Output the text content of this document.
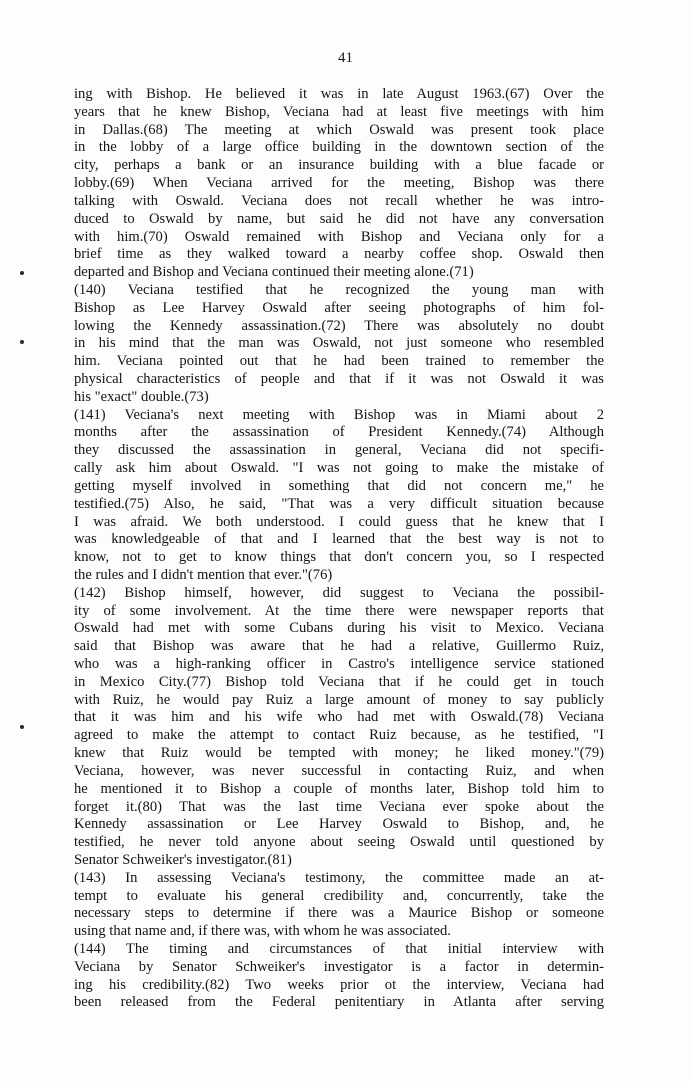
41
ing with Bishop. He believed it was in late August 1963.(67) Over the
years that he knew Bishop, Veciana had at least five meetings with him
in Dallas.(68) The meeting at which Oswald was present took place
in the lobby of a large office building in the downtown section of the
city, perhaps a bank or an insurance building with a blue facade or
lobby.(69) When Veciana arrived for the meeting, Bishop was there
talking with Oswald. Veciana does not recall whether he was intro-
duced to Oswald by name, but said he did not have any conversation
with him.(70) Oswald remained with Bishop and Veciana only for a
brief time as they walked toward a nearby coffee shop. Oswald then
departed and Bishop and Veciana continued their meeting alone.(71)
(140) Veciana testified that he recognized the young man with
Bishop as Lee Harvey Oswald after seeing photographs of him fol-
lowing the Kennedy assassination.(72) There was absolutely no doubt
in his mind that the man was Oswald, not just someone who resembled
him. Veciana pointed out that he had been trained to remember the
physical characteristics of people and that if it was not Oswald it was
his "exact" double.(73)
(141) Veciana's next meeting with Bishop was in Miami about 2
months after the assassination of President Kennedy.(74) Although
they discussed the assassination in general, Veciana did not specifi-
cally ask him about Oswald. "I was not going to make the mistake of
getting myself involved in something that did not concern me," he
testified.(75) Also, he said, "That was a very difficult situation because
I was afraid. We both understood. I could guess that he knew that I
was knowledgeable of that and I learned that the best way is not to
know, not to get to know things that don't concern you, so I respected
the rules and I didn't mention that ever."(76)
(142) Bishop himself, however, did suggest to Veciana the possibil-
ity of some involvement. At the time there were newspaper reports that
Oswald had met with some Cubans during his visit to Mexico. Veciana
said that Bishop was aware that he had a relative, Guillermo Ruiz,
who was a high-ranking officer in Castro's intelligence service stationed
in Mexico City.(77) Bishop told Veciana that if he could get in touch
with Ruiz, he would pay Ruiz a large amount of money to say publicly
that it was him and his wife who had met with Oswald.(78) Veciana
agreed to make the attempt to contact Ruiz because, as he testified, "I
knew that Ruiz would be tempted with money; he liked money."(79)
Veciana, however, was never successful in contacting Ruiz, and when
he mentioned it to Bishop a couple of months later, Bishop told him to
forget it.(80) That was the last time Veciana ever spoke about the
Kennedy assassination or Lee Harvey Oswald to Bishop, and, he
testified, he never told anyone about seeing Oswald until questioned by
Senator Schweiker's investigator.(81)
(143) In assessing Veciana's testimony, the committee made an at-
tempt to evaluate his general credibility and, concurrently, take the
necessary steps to determine if there was a Maurice Bishop or someone
using that name and, if there was, with whom he was associated.
(144) The timing and circumstances of that initial interview with
Veciana by Senator Schweiker's investigator is a factor in determin-
ing his credibility.(82) Two weeks prior ot the interview, Veciana had
been released from the Federal penitentiary in Atlanta after serving
